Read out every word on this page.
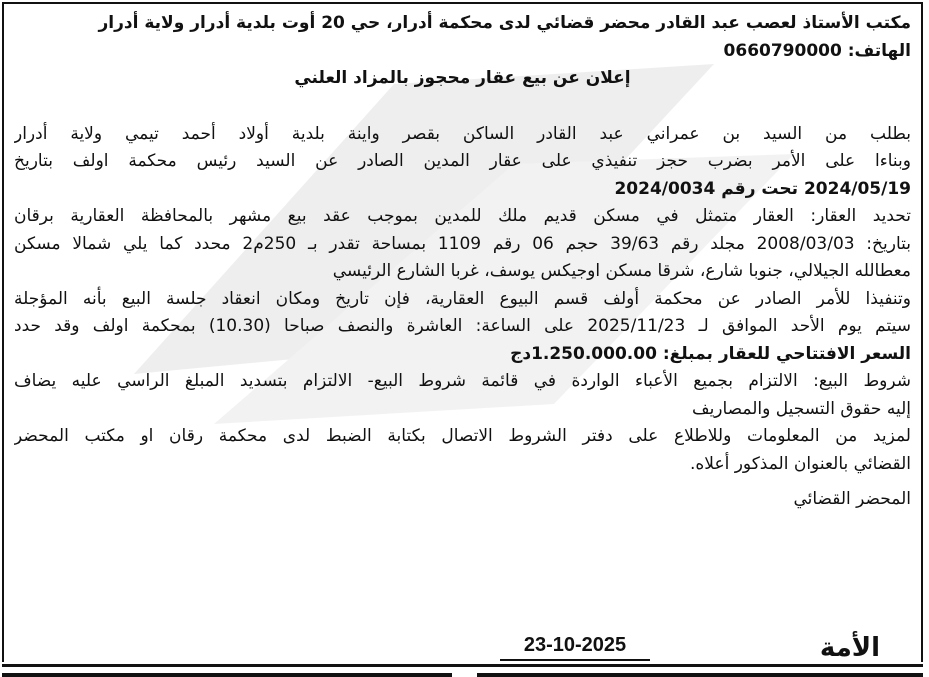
مكتب الأستاذ لعصب عبد القادر محضر قضائي لدى محكمة أدرار، حي 20 أوت بلدية أدرار ولاية أدرار
الهاتف: 0660790000
إعلان عن بيع عقار محجوز بالمزاد العلني
بطلب من السيد بن عمراني عبد القادر الساكن بقصر واينة بلدية أولاد أحمد تيمي ولاية أدرار
وبناءا على الأمر بضرب حجز تنفيذي على عقار المدين الصادر عن السيد رئيس محكمة اولف بتاريخ
2024/05/19 تحت رقم 2024/0034
تحديد العقار: العقار متمثل في مسكن قديم ملك للمدين بموجب عقد بيع مشهر بالمحافظة العقارية برقان
بتاريخ: 2008/03/03 مجلد رقم 39/63 حجم 06 رقم 1109 بمساحة تقدر بـ 250م2 محدد كما يلي شمالا مسكن
معطالله الجيلالي، جنوبا شارع، شرقا مسكن اوجيكس يوسف، غربا الشارع الرئيسي
وتنفيذا للأمر الصادر عن محكمة أولف قسم البيوع العقارية، فإن تاريخ ومكان انعقاد جلسة البيع بأنه المؤجلة
سيتم يوم الأحد الموافق لـ 2025/11/23 على الساعة: العاشرة والنصف صباحا (10.30) بمحكمة اولف وقد حدد
السعر الافتتاحي للعقار بمبلغ: 1.250.000.00دج
شروط البيع: الالتزام بجميع الأعباء الواردة في قائمة شروط البيع- الالتزام بتسديد المبلغ الراسي عليه يضاف
إليه حقوق التسجيل والمصاريف
لمزيد من المعلومات وللاطلاع على دفتر الشروط الاتصال بكتابة الضبط لدى محكمة رقان او مكتب المحضر
القضائي بالعنوان المذكور أعلاه.
المحضر القضائي
23-10-2025	الأمة
